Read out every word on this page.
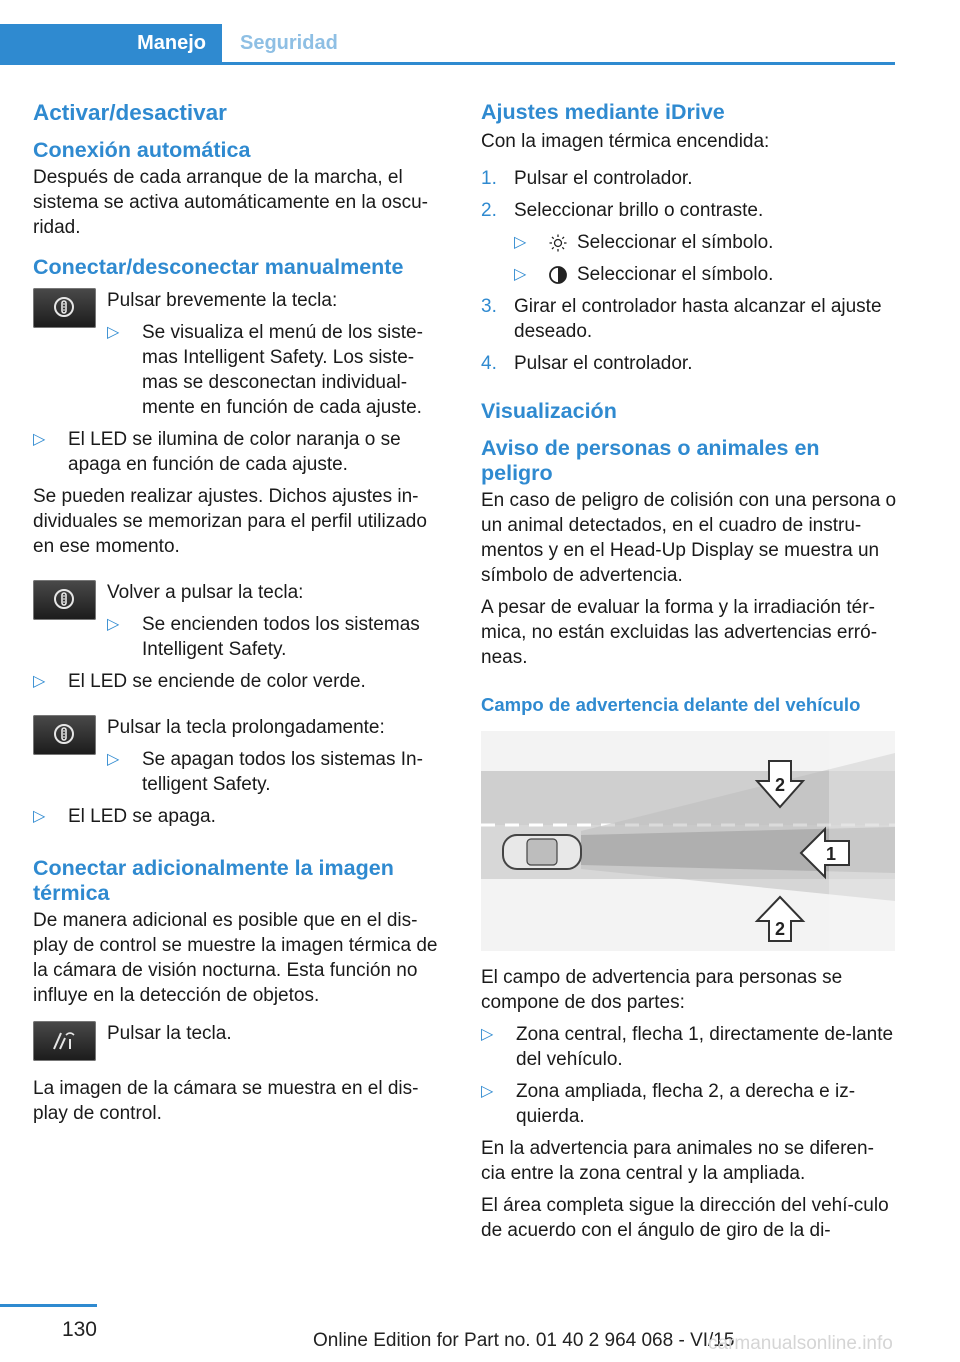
Manejo	Seguridad
Activar/desactivar
Conexión automática

Después de cada arranque de la marcha, el sistema se activa automáticamente en la oscu-ridad.

Conectar/desconectar manualmente

Pulsar brevemente la tecla:

▷ Se visualiza el menú de los siste-mas Intelligent Safety. Los siste-mas se desconectan individual-mente en función de cada ajuste.
▷ El LED se ilumina de color naranja o se apaga en función de cada ajuste.

Se pueden realizar ajustes. Dichos ajustes in-dividuales se memorizan para el perfil utilizado en ese momento.

Volver a pulsar la tecla:

▷ Se encienden todos los sistemas Intelligent Safety.
▷ El LED se enciende de color verde.

Pulsar la tecla prolongadamente:

▷ Se apagan todos los sistemas In-telligent Safety.
▷ El LED se apaga.
Conectar adicionalmente la imagen térmica

De manera adicional es posible que en el dis-play de control se muestre la imagen térmica de la cámara de visión nocturna. Esta función no influye en la detección de objetos.

Pulsar la tecla.

La imagen de la cámara se muestra en el dis-play de control.

Ajustes mediante iDrive

Con la imagen térmica encendida:

1. Pulsar el controlador.
2. Seleccionar brillo o contraste.
▷	Seleccionar el símbolo.
▷	Seleccionar el símbolo.
3. Girar el controlador hasta alcanzar el ajuste deseado.
4. Pulsar el controlador.
Visualización
Aviso de personas o animales en peligro

En caso de peligro de colisión con una persona o un animal detectados, en el cuadro de instru-mentos y en el Head-Up Display se muestra un símbolo de advertencia.

A pesar de evaluar la forma y la irradiación tér-mica, no están excluidas las advertencias erró-neas.

Campo de advertencia delante del vehículo
2
1
2

El campo de advertencia para personas se compone de dos partes:

▷ Zona central, flecha 1, directamente de-lante del vehículo.
▷ Zona ampliada, flecha 2, a derecha e iz-quierda.

En la advertencia para animales no se diferen-cia entre la zona central y la ampliada.

El área completa sigue la dirección del vehí-culo de acuerdo con el ángulo de giro de la di-

130	Online Edition for Part no. 01 40 2 964 068 - VI/15
carmanualsonline.info
